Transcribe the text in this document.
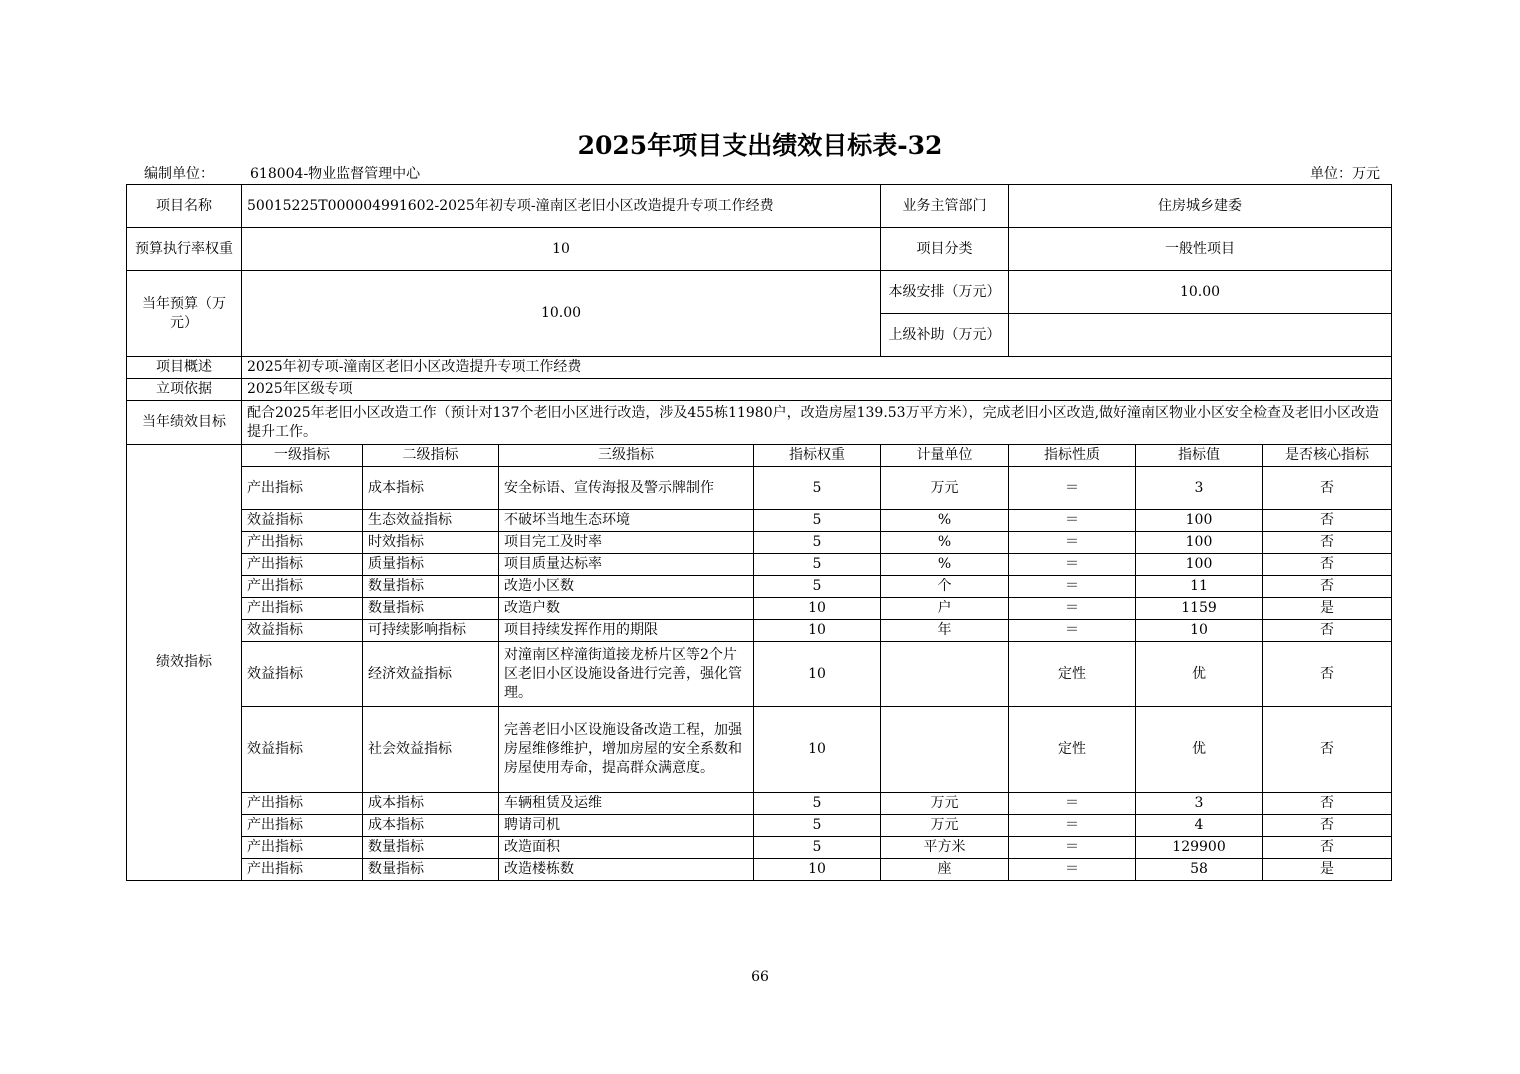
2025年项目支出绩效目标表-32
编制单位：	618004-物业监督管理中心	单位：万元
项目名称	50015225T000004991602-2025年初专项-潼南区老旧小区改造提升专项工作经费				业务主管部门	住房城乡建委		
预算执行率权重	10				项目分类	一般性项目		
当年预算（万元）	10.00				本级安排（万元）	10.00		
					上级补助（万元）			
项目概述	2025年初专项-潼南区老旧小区改造提升专项工作经费							
立项依据	2025年区级专项							
当年绩效目标	配合2025年老旧小区改造工作（预计对137个老旧小区进行改造，涉及455栋11980户，改造房屋139.53万平方米），完成老旧小区改造,做好潼南区物业小区安全检查及老旧小区改造提升工作。							
绩效指标	一级指标	二级指标	三级指标	指标权重	计量单位	指标性质	指标值	是否核心指标
	产出指标	成本指标	安全标语、宣传海报及警示牌制作	5	万元	＝	3	否
	效益指标	生态效益指标	不破坏当地生态环境	5	%	＝	100	否
	产出指标	时效指标	项目完工及时率	5	%	＝	100	否
	产出指标	质量指标	项目质量达标率	5	%	＝	100	否
	产出指标	数量指标	改造小区数	5	个	＝	11	否
	产出指标	数量指标	改造户数	10	户	＝	1159	是
	效益指标	可持续影响指标	项目持续发挥作用的期限	10	年	＝	10	否
	效益指标	经济效益指标	对潼南区梓潼街道接龙桥片区等2个片区老旧小区设施设备进行完善，强化管理。	10		定性	优	否
	效益指标	社会效益指标	完善老旧小区设施设备改造工程，加强房屋维修维护，增加房屋的安全系数和房屋使用寿命，提高群众满意度。	10		定性	优	否
	产出指标	成本指标	车辆租赁及运维	5	万元	＝	3	否
	产出指标	成本指标	聘请司机	5	万元	＝	4	否
	产出指标	数量指标	改造面积	5	平方米	＝	129900	否
	产出指标	数量指标	改造楼栋数	10	座	＝	58	是
66
